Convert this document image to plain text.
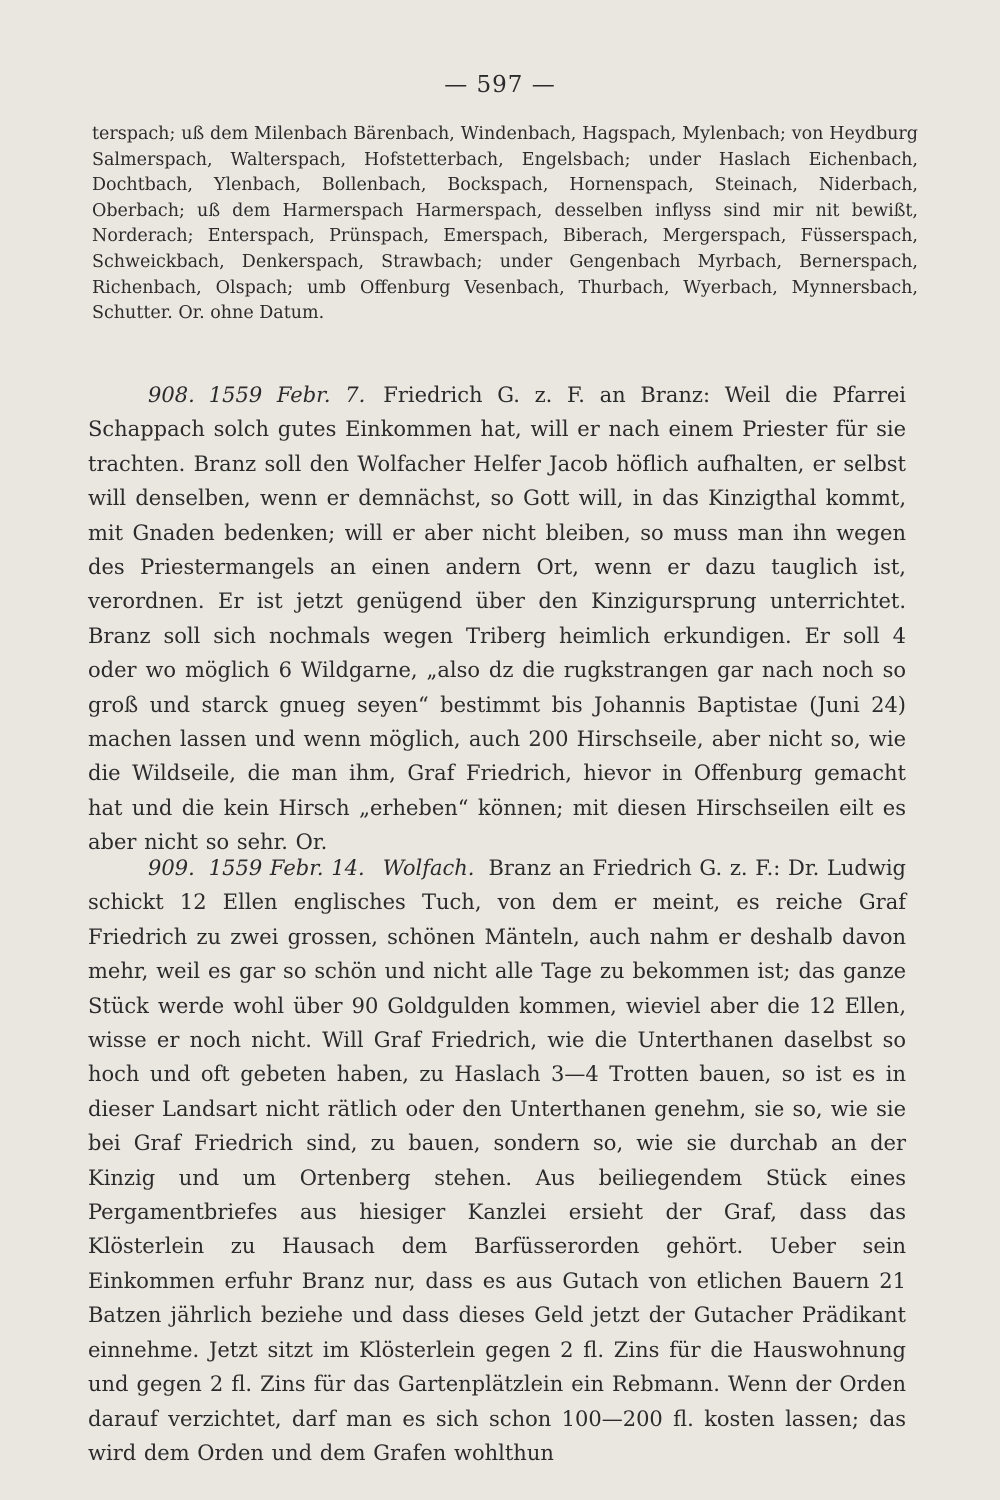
— 597 —

terspach; uß dem Milenbach Bärenbach, Windenbach, Hagspach, Mylenbach; von Heydburg Salmerspach, Walterspach, Hofstetterbach, Engelsbach; under Haslach Eichenbach, Dochtbach, Ylenbach, Bollenbach, Bockspach, Hornenspach, Steinach, Niderbach, Oberbach; uß dem Harmerspach Harmerspach, desselben inflyss sind mir nit bewißt, Norderach; Enterspach, Prünspach, Emerspach, Biberach, Mergerspach, Füsserspach, Schweickbach, Denkerspach, Strawbach; under Gengenbach Myrbach, Bernerspach, Richenbach, Olspach; umb Offenburg Vesenbach, Thurbach, Wyerbach, Mynnersbach, Schutter. Or. ohne Datum.

908. 1559 Febr. 7. Friedrich G. z. F. an Branz: Weil die Pfarrei Schappach solch gutes Einkommen hat, will er nach einem Priester für sie trachten. Branz soll den Wolfacher Helfer Jacob höflich aufhalten, er selbst will denselben, wenn er demnächst, so Gott will, in das Kinzigthal kommt, mit Gnaden bedenken; will er aber nicht bleiben, so muss man ihn wegen des Priestermangels an einen andern Ort, wenn er dazu tauglich ist, verordnen. Er ist jetzt genügend über den Kinzigursprung unterrichtet. Branz soll sich nochmals wegen Triberg heimlich erkundigen. Er soll 4 oder wo möglich 6 Wildgarne, „also dz die rugkstrangen gar nach noch so groß und starck gnueg seyen“ bestimmt bis Johannis Baptistae (Juni 24) machen lassen und wenn möglich, auch 200 Hirschseile, aber nicht so, wie die Wildseile, die man ihm, Graf Friedrich, hievor in Offenburg gemacht hat und die kein Hirsch „erheben“ können; mit diesen Hirschseilen eilt es aber nicht so sehr. Or.

909. 1559 Febr. 14. Wolfach. Branz an Friedrich G. z. F.: Dr. Ludwig schickt 12 Ellen englisches Tuch, von dem er meint, es reiche Graf Friedrich zu zwei grossen, schönen Mänteln, auch nahm er deshalb davon mehr, weil es gar so schön und nicht alle Tage zu bekommen ist; das ganze Stück werde wohl über 90 Goldgulden kommen, wieviel aber die 12 Ellen, wisse er noch nicht. Will Graf Friedrich, wie die Unterthanen daselbst so hoch und oft gebeten haben, zu Haslach 3—4 Trotten bauen, so ist es in dieser Landsart nicht rätlich oder den Unterthanen genehm, sie so, wie sie bei Graf Friedrich sind, zu bauen, sondern so, wie sie durchab an der Kinzig und um Ortenberg stehen. Aus beiliegendem Stück eines Pergamentbriefes aus hiesiger Kanzlei ersieht der Graf, dass das Klösterlein zu Hausach dem Barfüsserorden gehört. Ueber sein Einkommen erfuhr Branz nur, dass es aus Gutach von etlichen Bauern 21 Batzen jährlich beziehe und dass dieses Geld jetzt der Gutacher Prädikant einnehme. Jetzt sitzt im Klösterlein gegen 2 fl. Zins für die Hauswohnung und gegen 2 fl. Zins für das Gartenplätzlein ein Rebmann. Wenn der Orden darauf verzichtet, darf man es sich schon 100—200 fl. kosten lassen; das wird dem Orden und dem Grafen wohlthun
